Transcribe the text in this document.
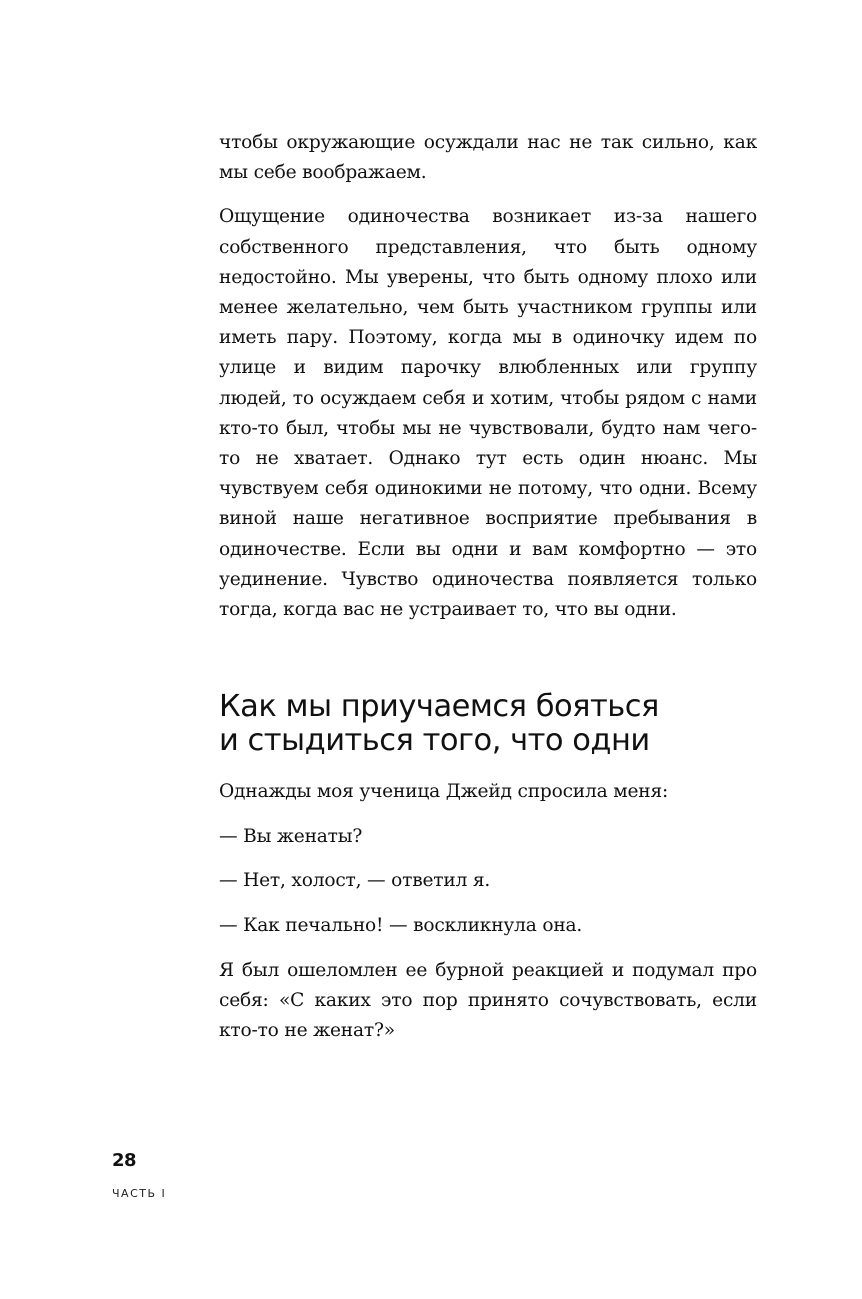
чтобы окружающие осуждали нас не так сильно, как мы себе воображаем.

Ощущение одиночества возникает из-за нашего собственного представления, что быть одному недостойно. Мы уверены, что быть одному плохо или менее желательно, чем быть участником группы или иметь пару. Поэтому, когда мы в одиночку идем по улице и видим парочку влюбленных или группу людей, то осуждаем себя и хотим, чтобы рядом с нами кто-то был, чтобы мы не чувствовали, будто нам чего-то не хватает. Однако тут есть один нюанс. Мы чувствуем себя одинокими не потому, что одни. Всему виной наше негативное восприятие пребывания в одиночестве. Если вы одни и вам комфортно — это уединение. Чувство одиночества появляется только тогда, когда вас не устраивает то, что вы одни.

Как мы приучаемся бояться
и стыдиться того, что одни

Однажды моя ученица Джейд спросила меня:

— Вы женаты?

— Нет, холост, — ответил я.

— Как печально! — воскликнула она.

Я был ошеломлен ее бурной реакцией и подумал про себя: «С каких это пор принято сочувствовать, если кто-то не женат?»

28
ЧАСТЬ I
